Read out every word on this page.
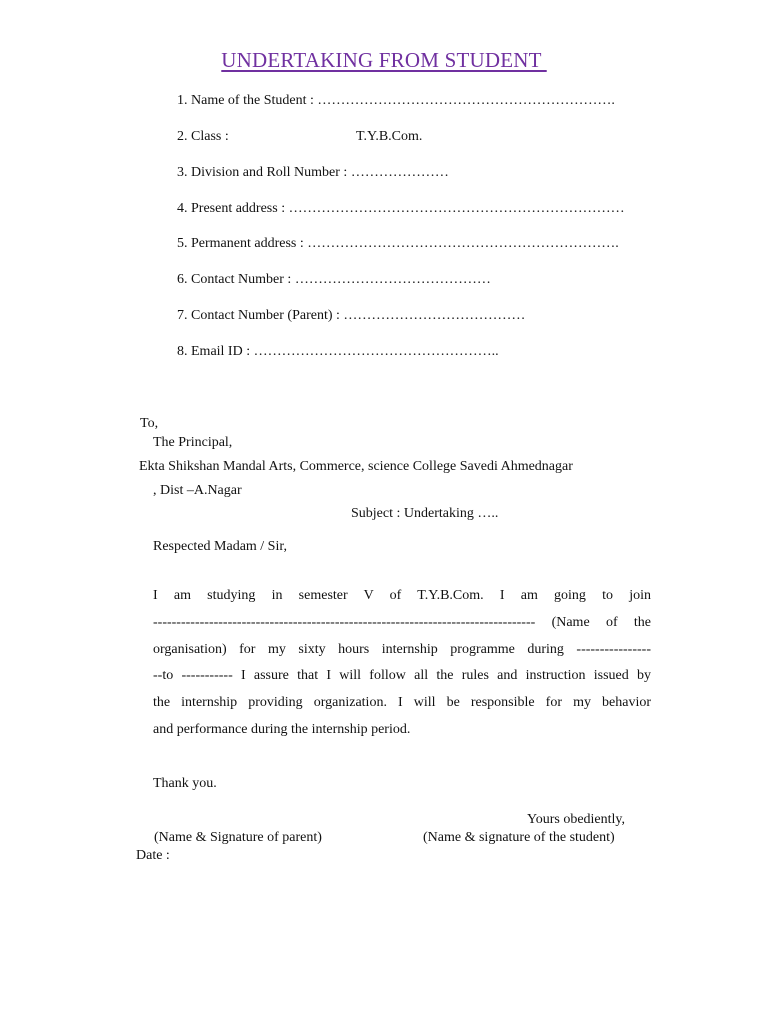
UNDERTAKING FROM STUDENT
1. Name of the Student : ……………………………………………………….
2. Class :	T.Y.B.Com.
3. Division and Roll Number : …………………
4. Present address : ………………………………………………………………
5. Permanent address : ………………………………………………………….
6. Contact Number : ……………………………………
7. Contact Number (Parent) : …………………………………
8. Email ID : ……………………………………………..
To,
The Principal,
Ekta Shikshan Mandal Arts, Commerce, science College Savedi Ahmednagar
, Dist –A.Nagar
Subject : Undertaking …..
Respected Madam / Sir,

I am studying in semester V of T.Y.B.Com. I am going to join

---------------------------------------------------------------------------------- (Name of the

organisation) for my sixty hours internship programme during ----------------

--to ----------- I assure that I will follow all the rules and instruction issued by

the internship providing organization. I will be responsible for my behavior

and performance during the internship period.

Thank you.
Yours obediently,
(Name & Signature of parent)	(Name & signature of the student)
Date :
